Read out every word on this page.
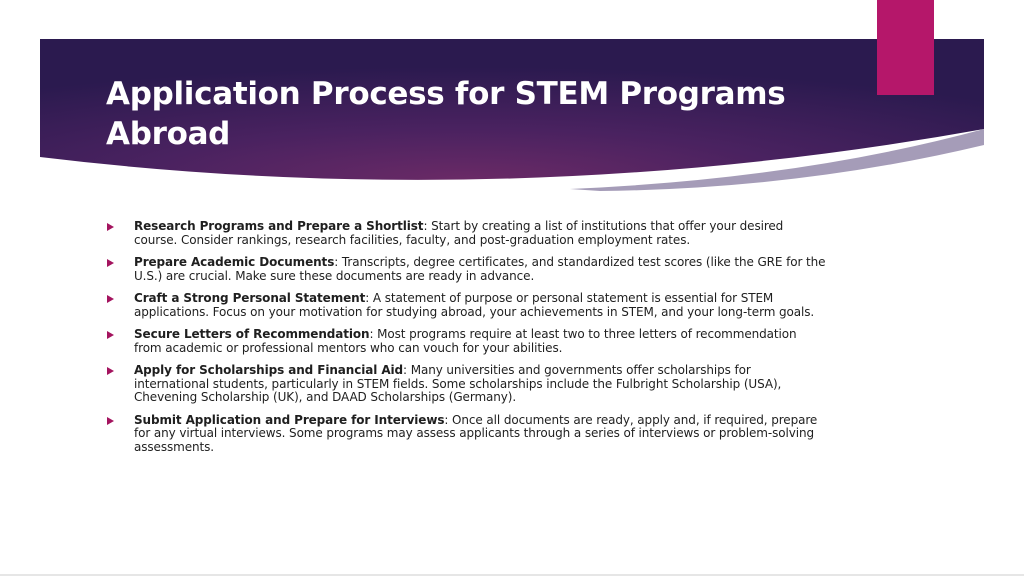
Application Process for STEM Programs Abroad
Research Programs and Prepare a Shortlist: Start by creating a list of institutions that offer your desired course. Consider rankings, research facilities, faculty, and post-graduation employment rates.
Prepare Academic Documents: Transcripts, degree certificates, and standardized test scores (like the GRE for the U.S.) are crucial. Make sure these documents are ready in advance.
Craft a Strong Personal Statement: A statement of purpose or personal statement is essential for STEM applications. Focus on your motivation for studying abroad, your achievements in STEM, and your long-term goals.
Secure Letters of Recommendation: Most programs require at least two to three letters of recommendation from academic or professional mentors who can vouch for your abilities.
Apply for Scholarships and Financial Aid: Many universities and governments offer scholarships for international students, particularly in STEM fields. Some scholarships include the Fulbright Scholarship (USA), Chevening Scholarship (UK), and DAAD Scholarships (Germany).
Submit Application and Prepare for Interviews: Once all documents are ready, apply and, if required, prepare for any virtual interviews. Some programs may assess applicants through a series of interviews or problem-solving assessments.
